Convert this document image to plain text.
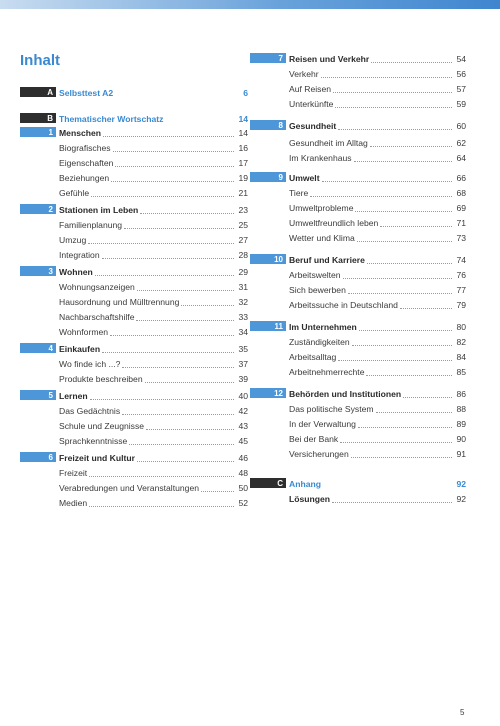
Inhalt
A Selbsttest A2	6
B Thematischer Wortschatz	14
1 Menschen	14
Biografisches	16
Eigenschaften	17
Beziehungen	19
Gefühle	21
2 Stationen im Leben	23
Familienplanung	25
Umzug	27
Integration	28
3 Wohnen	29
Wohnungsanzeigen	31
Hausordnung und Mülltrennung	32
Nachbarschaftshilfe	33
Wohnformen	34
4 Einkaufen	35
Wo finde ich ...?	37
Produkte beschreiben	39
5 Lernen	40
Das Gedächtnis	42
Schule und Zeugnisse	43
Sprachkenntnisse	45
6 Freizeit und Kultur	46
Freizeit	48
Verabredungen und Veranstaltungen	50
Medien	52
7 Reisen und Verkehr	54
Verkehr	56
Auf Reisen	57
Unterkünfte	59
8 Gesundheit	60
Gesundheit im Alltag	62
Im Krankenhaus	64
9 Umwelt	66
Tiere	68
Umweltprobleme	69
Umweltfreundlich leben	71
Wetter und Klima	73
10 Beruf und Karriere	74
Arbeitswelten	76
Sich bewerben	77
Arbeitssuche in Deutschland	79
11 Im Unternehmen	80
Zuständigkeiten	82
Arbeitsalltag	84
Arbeitnehmerrechte	85
12 Behörden und Institutionen	86
Das politische System	88
In der Verwaltung	89
Bei der Bank	90
Versicherungen	91
C Anhang	92
Lösungen	92
5
